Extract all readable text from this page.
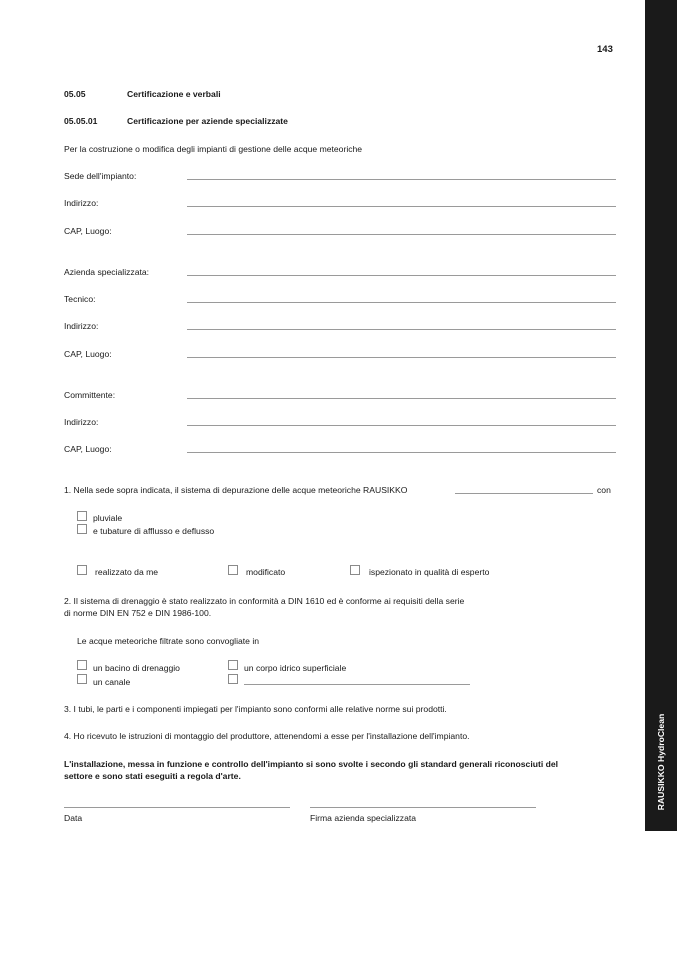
RAUSIKKO HydroClean
143
05.05	Certificazione e verbali
05.05.01	Certificazione per aziende specializzate
Per la costruzione o modifica degli impianti di gestione delle acque meteoriche
Sede dell'impianto:
Indirizzo:
CAP, Luogo:
Azienda specializzata:
Tecnico:
Indirizzo:
CAP, Luogo:
Committente:
Indirizzo:
CAP, Luogo:
1. Nella sede sopra indicata, il sistema di depurazione delle acque meteoriche RAUSIKKO	con
pluviale
e tubature di afflusso e deflusso
realizzato da me	modificato	ispezionato in qualità di esperto
2. Il sistema di drenaggio è stato realizzato in conformità a DIN 1610 ed è conforme ai requisiti della serie
di norme DIN EN 752 e DIN 1986-100.
Le acque meteoriche filtrate sono convogliate in
un bacino di drenaggio	un corpo idrico superficiale
un canale
3. I tubi, le parti e i componenti impiegati per l'impianto sono conformi alle relative norme sui prodotti.
4. Ho ricevuto le istruzioni di montaggio del produttore, attenendomi a esse per l'installazione dell'impianto.
L'installazione, messa in funzione e controllo dell'impianto si sono svolte i secondo gli standard generali riconosciuti del
settore e sono stati eseguiti a regola d'arte.
Data	Firma azienda specializzata
